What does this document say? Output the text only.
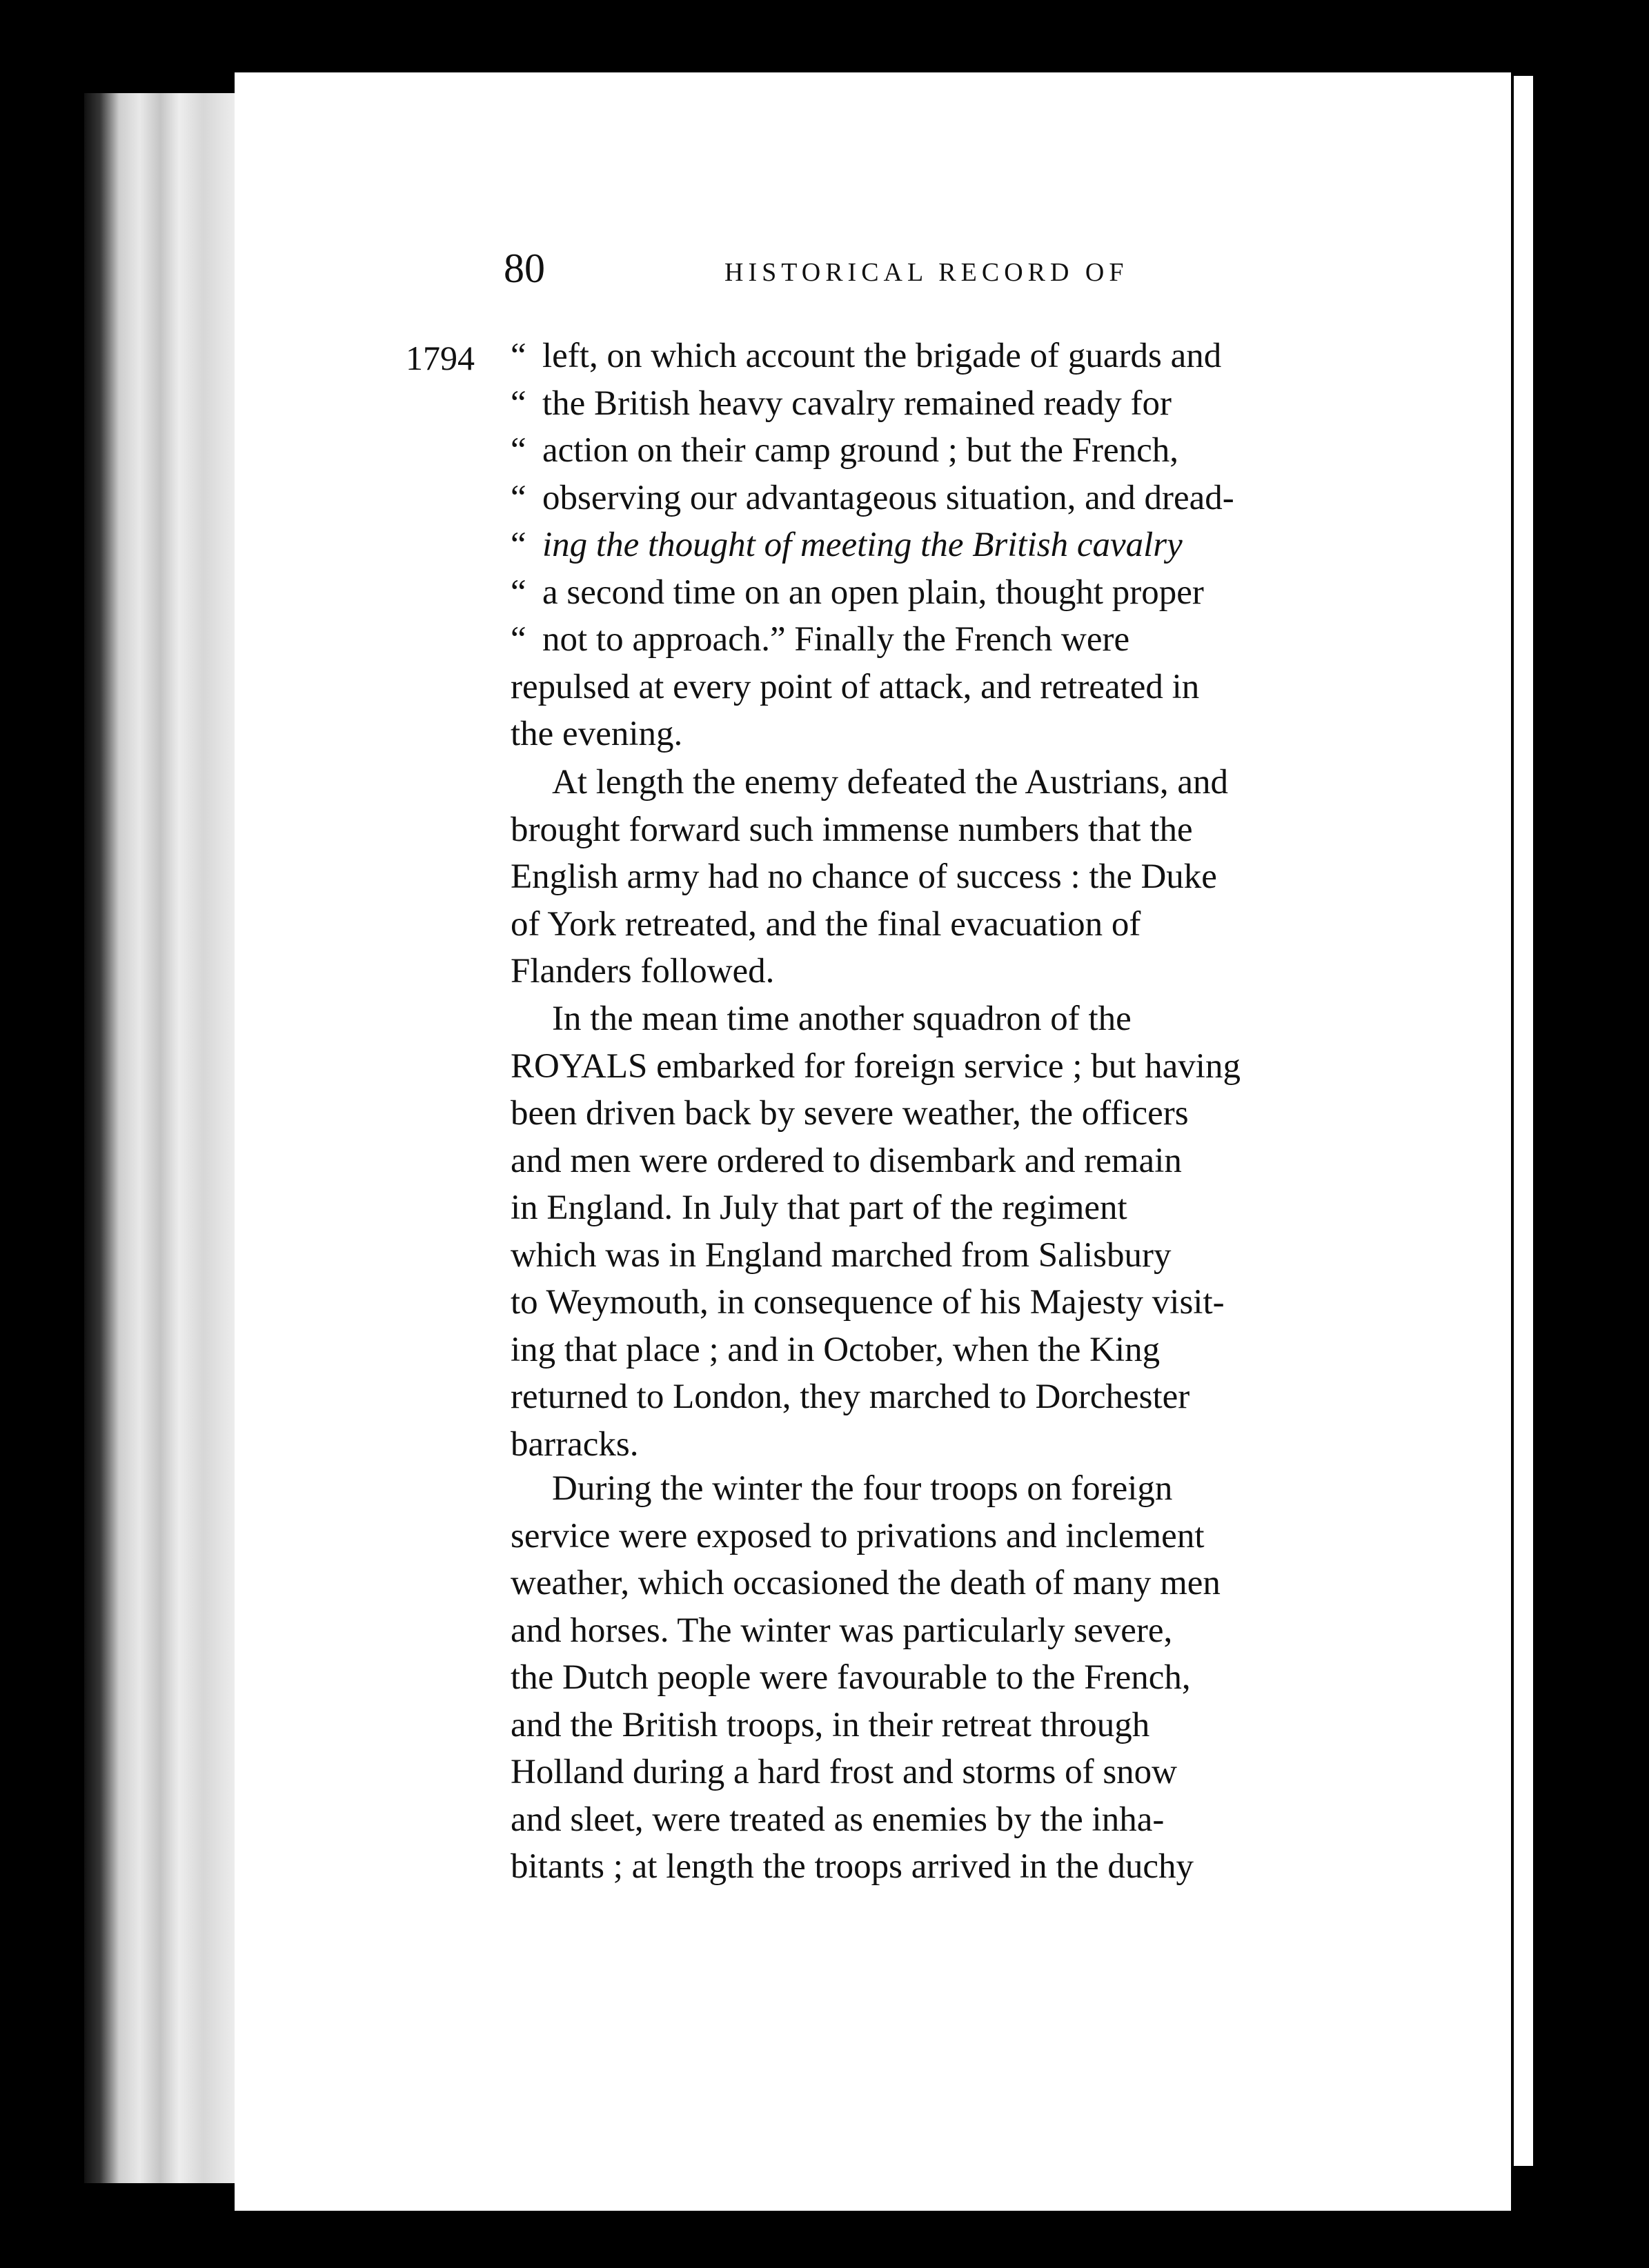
80	HISTORICAL RECORD OF
1794 “ left, on which account the brigade of guards and
“ the British heavy cavalry remained ready for
“ action on their camp ground ; but the French,
“ observing our advantageous situation, and dread-
“ ing the thought of meeting the British cavalry
“ a second time on an open plain, thought proper
“ not to approach.” Finally the French were
repulsed at every point of attack, and retreated in
the evening.
At length the enemy defeated the Austrians, and
brought forward such immense numbers that the
English army had no chance of success : the Duke
of York retreated, and the final evacuation of
Flanders followed.
In the mean time another squadron of the
ROYALS embarked for foreign service ; but having
been driven back by severe weather, the officers
and men were ordered to disembark and remain
in England. In July that part of the regiment
which was in England marched from Salisbury
to Weymouth, in consequence of his Majesty visit-
ing that place ; and in October, when the King
returned to London, they marched to Dorchester
barracks.
During the winter the four troops on foreign
service were exposed to privations and inclement
weather, which occasioned the death of many men
and horses. The winter was particularly severe,
the Dutch people were favourable to the French,
and the British troops, in their retreat through
Holland during a hard frost and storms of snow
and sleet, were treated as enemies by the inha-
bitants ; at length the troops arrived in the duchy
